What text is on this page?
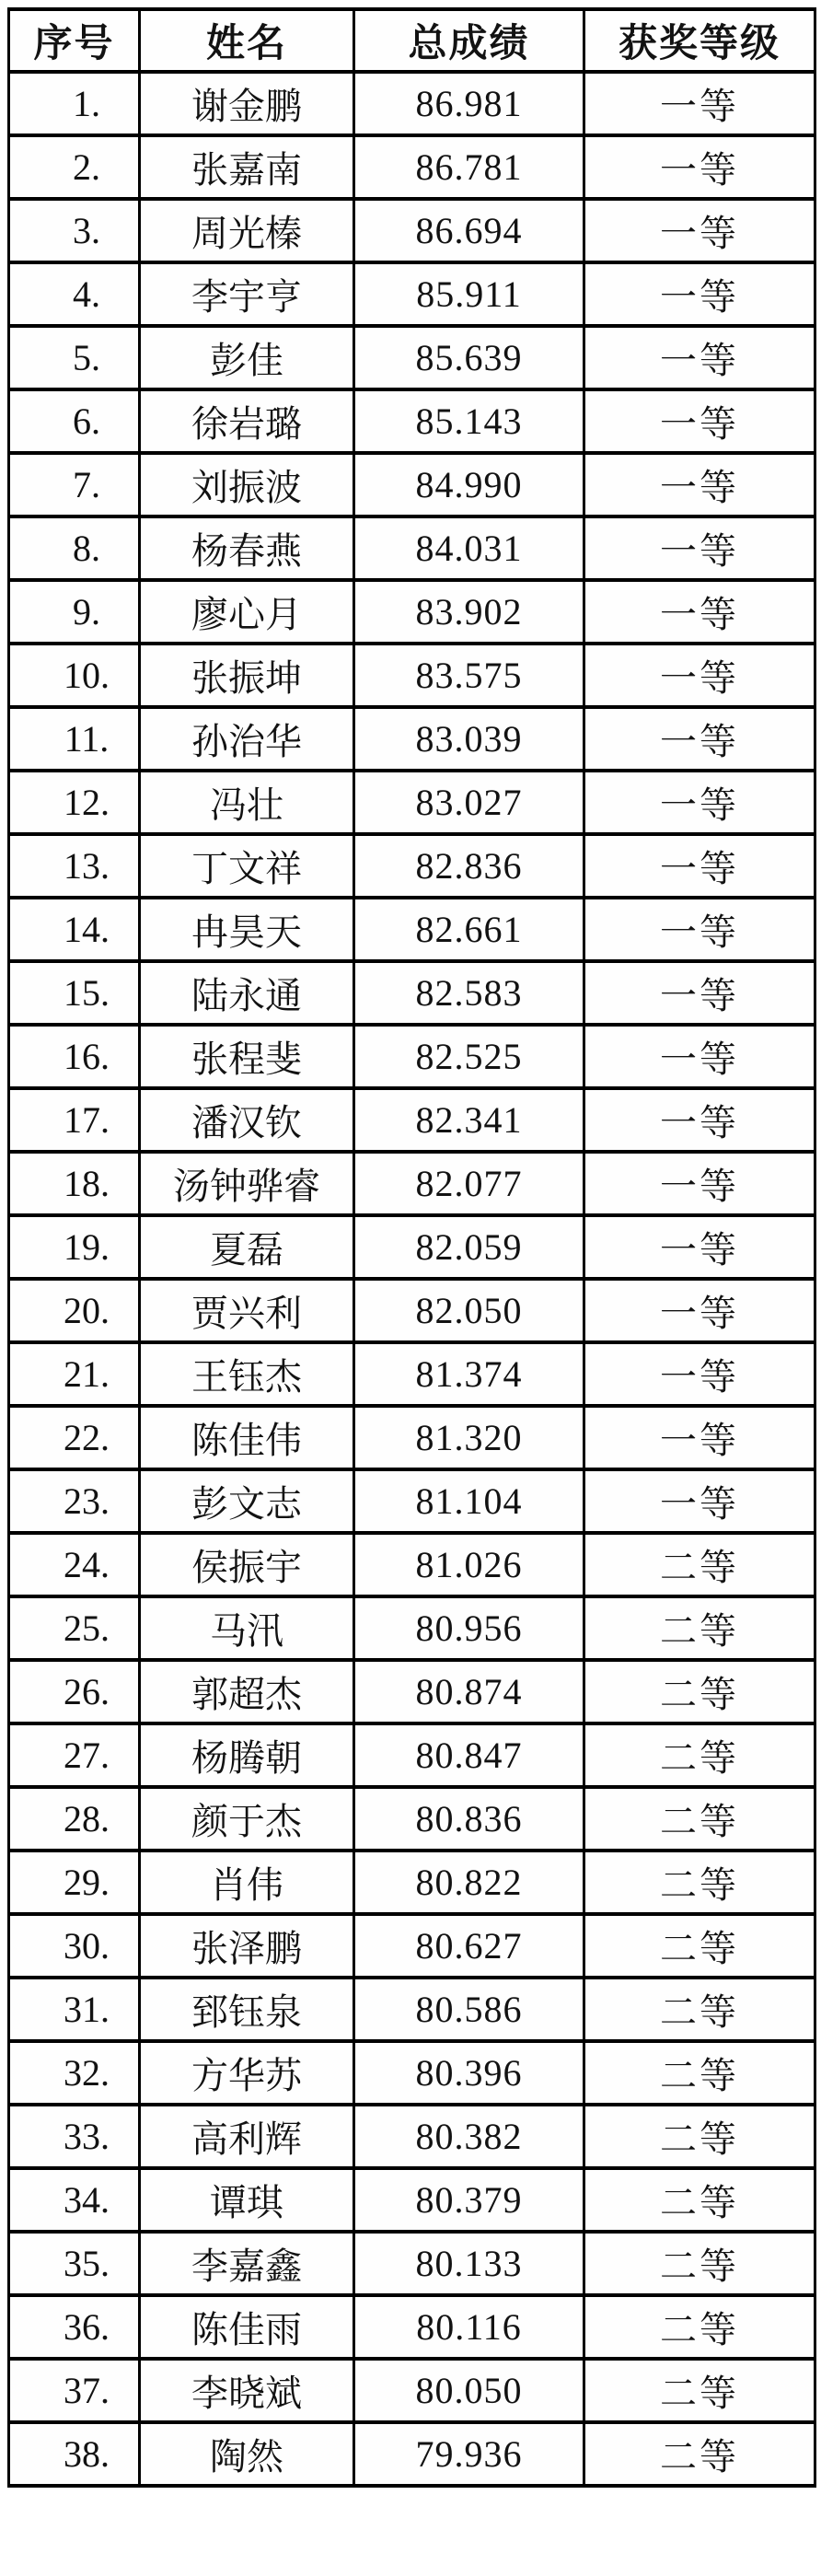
序号	姓名	总成绩	获奖等级
1.	谢金鹏	86.981	一等
2.	张嘉南	86.781	一等
3.	周光榛	86.694	一等
4.	李宇亨	85.911	一等
5.	彭佳	85.639	一等
6.	徐岩璐	85.143	一等
7.	刘振波	84.990	一等
8.	杨春燕	84.031	一等
9.	廖心月	83.902	一等
10.	张振坤	83.575	一等
11.	孙治华	83.039	一等
12.	冯壮	83.027	一等
13.	丁文祥	82.836	一等
14.	冉昊天	82.661	一等
15.	陆永通	82.583	一等
16.	张程斐	82.525	一等
17.	潘汉钦	82.341	一等
18.	汤钟骅睿	82.077	一等
19.	夏磊	82.059	一等
20.	贾兴利	82.050	一等
21.	王钰杰	81.374	一等
22.	陈佳伟	81.320	一等
23.	彭文志	81.104	一等
24.	侯振宇	81.026	二等
25.	马汛	80.956	二等
26.	郭超杰	80.874	二等
27.	杨腾朝	80.847	二等
28.	颜于杰	80.836	二等
29.	肖伟	80.822	二等
30.	张泽鹏	80.627	二等
31.	郅钰泉	80.586	二等
32.	方华苏	80.396	二等
33.	高利辉	80.382	二等
34.	谭琪	80.379	二等
35.	李嘉鑫	80.133	二等
36.	陈佳雨	80.116	二等
37.	李晓斌	80.050	二等
38.	陶然	79.936	二等
